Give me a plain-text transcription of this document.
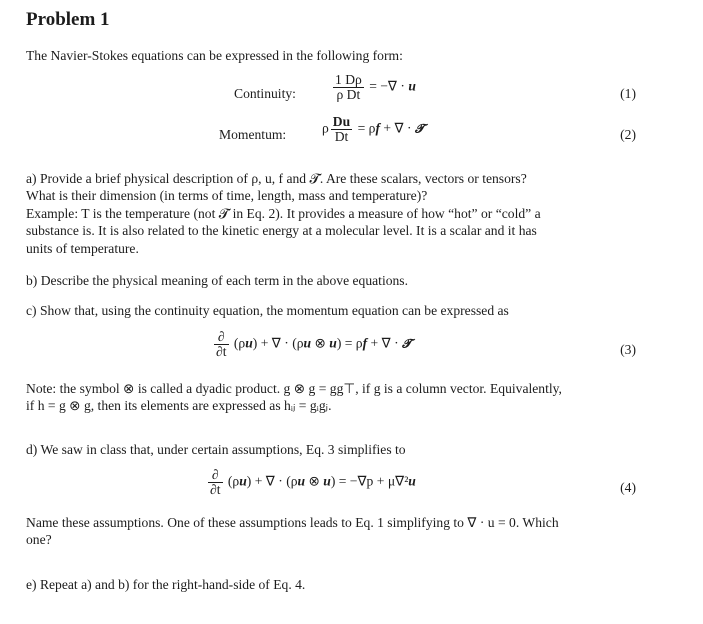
Problem 1
The Navier-Stokes equations can be expressed in the following form:
Continuity:	$\frac{1 D\rho}{\text{ρ Dt}}$ = −∇ · u	(1)
Momentum:	ρ $\frac{Du}{Dt} = \rho f$ + ∇ · 𝓣	(2)
a) Provide a brief physical description of ρ, u, f and 𝓣. Are these scalars, vectors or tensors?
What is their dimension (in terms of time, length, mass and temperature)?
Example: T is the temperature (not 𝓣 in Eq. 2). It provides a measure of how “hot” or “cold” a
substance is. It is also related to the kinetic energy at a molecular level. It is a scalar and it has
units of temperature.
b) Describe the physical meaning of each term in the above equations.
c) Show that, using the continuity equation, the momentum equation can be expressed as
$\frac{\partial}{\partial t} (\rho u)$ + ∇ · (ρu ⊗ u) = ρf + ∇ · 𝓣	(3)
Note: the symbol ⊗ is called a dyadic product. g ⊗ g = gg⊤, if g is a column vector. Equivalently,
if h = g ⊗ g, then its elements are expressed as hᵢⱼ = gᵢgⱼ.
d) We saw in class that, under certain assumptions, Eq. 3 simplifies to
$\frac{\partial}{\partial t} (\rho u)$ + ∇ · (ρu ⊗ u) = −∇p + μ∇²u	(4)
Name these assumptions. One of these assumptions leads to Eq. 1 simplifying to ∇ · u = 0. Which
one?
e) Repeat a) and b) for the right-hand-side of Eq. 4.
